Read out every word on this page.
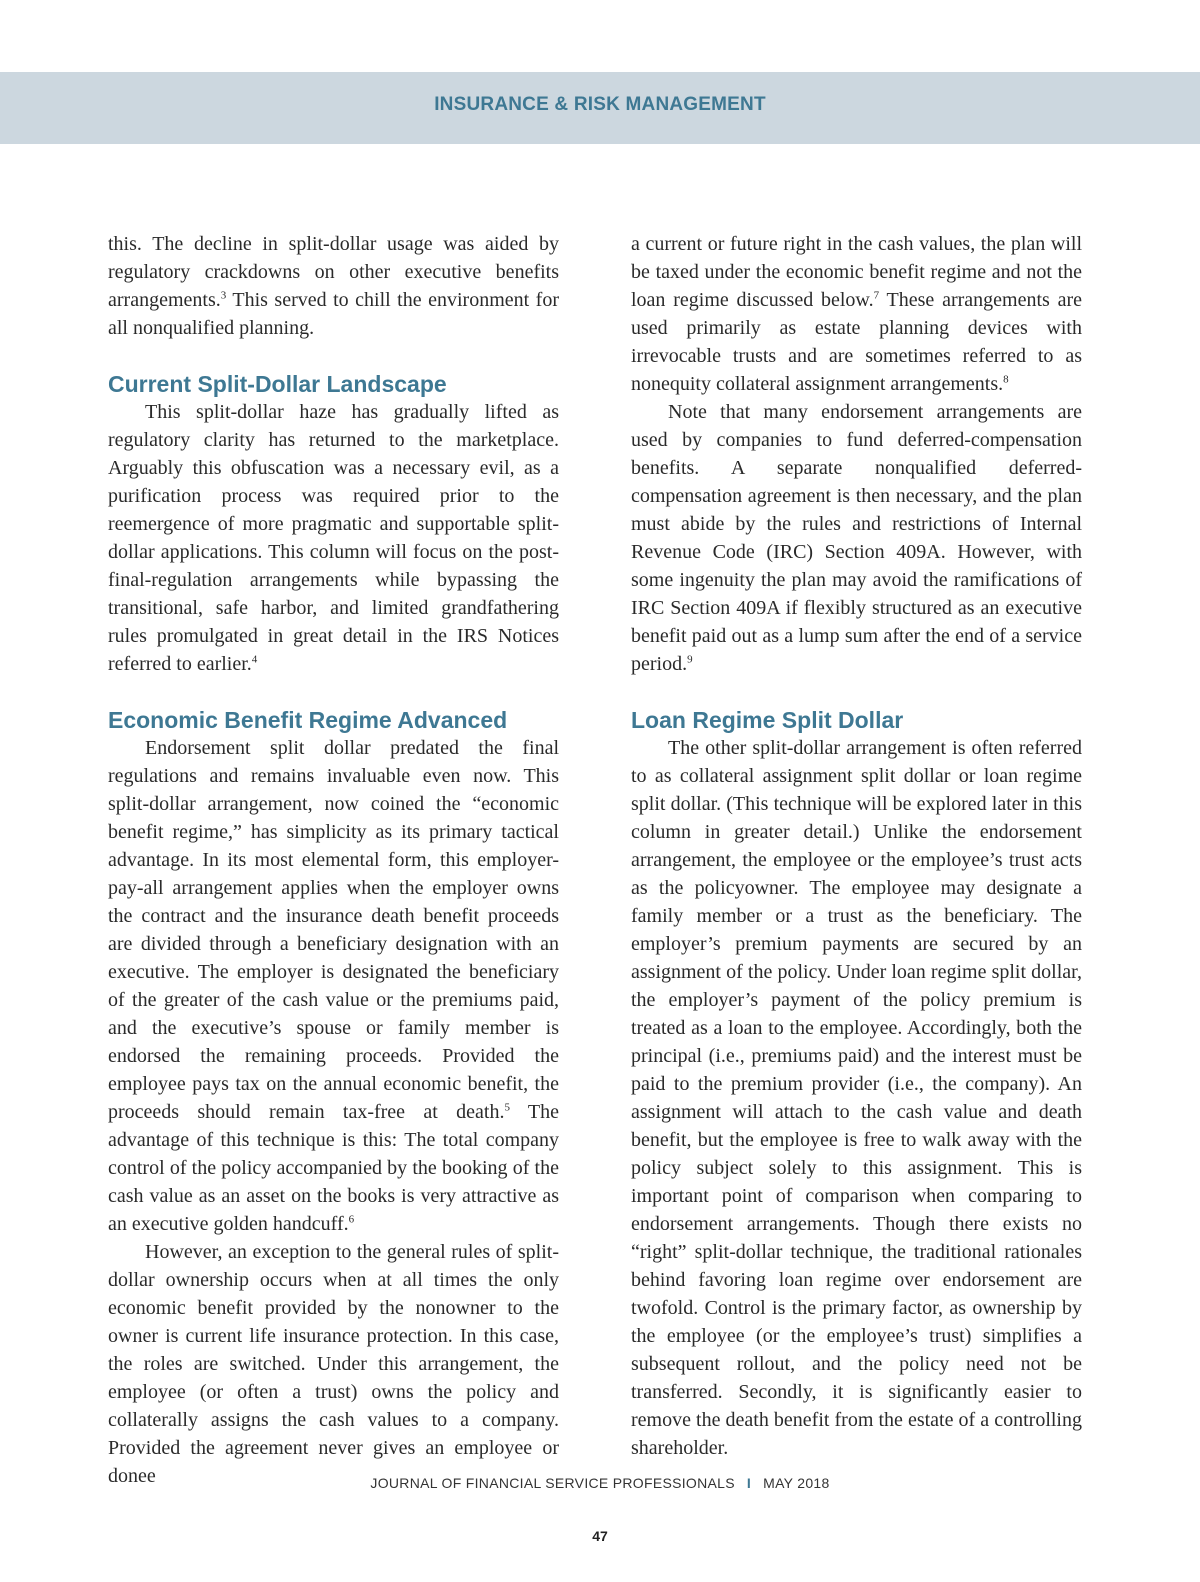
INSURANCE & RISK MANAGEMENT

this. The decline in split-dollar usage was aided by regulatory crackdowns on other executive benefits arrangements.$^3$ This served to chill the environment for all nonqualified planning.

Current Split-Dollar Landscape

This split-dollar haze has gradually lifted as regulatory clarity has returned to the marketplace. Arguably this obfuscation was a necessary evil, as a purification process was required prior to the reemergence of more pragmatic and supportable split-dollar applications. This column will focus on the post-final-regulation arrangements while bypassing the transitional, safe harbor, and limited grandfathering rules promulgated in great detail in the IRS Notices referred to earlier.$^4$

Economic Benefit Regime Advanced

Endorsement split dollar predated the final regulations and remains invaluable even now. This split-dollar arrangement, now coined the “economic benefit regime,” has simplicity as its primary tactical advantage. In its most elemental form, this employer-pay-all arrangement applies when the employer owns the contract and the insurance death benefit proceeds are divided through a beneficiary designation with an executive. The employer is designated the beneficiary of the greater of the cash value or the premiums paid, and the executive’s spouse or family member is endorsed the remaining proceeds. Provided the employee pays tax on the annual economic benefit, the proceeds should remain tax-free at death.$^5$ The advantage of this technique is this: The total company control of the policy accompanied by the booking of the cash value as an asset on the books is very attractive as an executive golden handcuff.$^6$

However, an exception to the general rules of split-dollar ownership occurs when at all times the only economic benefit provided by the nonowner to the owner is current life insurance protection. In this case, the roles are switched. Under this arrangement, the employee (or often a trust) owns the policy and collaterally assigns the cash values to a company. Provided the agreement never gives an employee or donee

a current or future right in the cash values, the plan will be taxed under the economic benefit regime and not the loan regime discussed below.$^7$ These arrangements are used primarily as estate planning devices with irrevocable trusts and are sometimes referred to as nonequity collateral assignment arrangements.$^8$

Note that many endorsement arrangements are used by companies to fund deferred-compensation benefits. A separate nonqualified deferred-compensation agreement is then necessary, and the plan must abide by the rules and restrictions of Internal Revenue Code (IRC) Section 409A. However, with some ingenuity the plan may avoid the ramifications of IRC Section 409A if flexibly structured as an executive benefit paid out as a lump sum after the end of a service period.$^9$

Loan Regime Split Dollar

The other split-dollar arrangement is often referred to as collateral assignment split dollar or loan regime split dollar. (This technique will be explored later in this column in greater detail.) Unlike the endorsement arrangement, the employee or the employee’s trust acts as the policyowner. The employee may designate a family member or a trust as the beneficiary. The employer’s premium payments are secured by an assignment of the policy. Under loan regime split dollar, the employer’s payment of the policy premium is treated as a loan to the employee. Accordingly, both the principal (i.e., premiums paid) and the interest must be paid to the premium provider (i.e., the company). An assignment will attach to the cash value and death benefit, but the employee is free to walk away with the policy subject solely to this assignment. This is important point of comparison when comparing to endorsement arrangements. Though there exists no “right” split-dollar technique, the traditional rationales behind favoring loan regime over endorsement are twofold. Control is the primary factor, as ownership by the employee (or the employee’s trust) simplifies a subsequent rollout, and the policy need not be transferred. Secondly, it is significantly easier to remove the death benefit from the estate of a controlling shareholder.

JOURNAL OF FINANCIAL SERVICE PROFESSIONALS I MAY 2018
47
